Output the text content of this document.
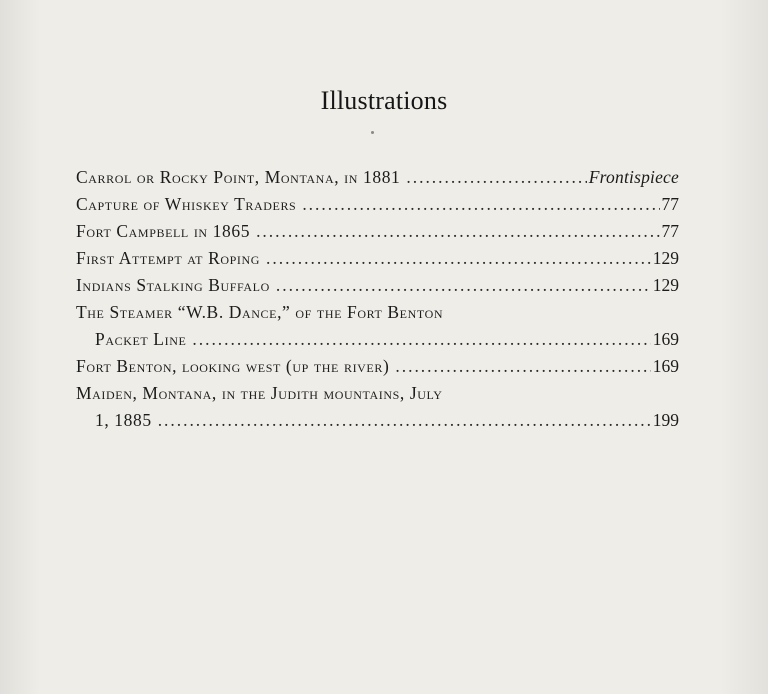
Illustrations
Carrol or Rocky Point, Montana, in 1881 . . .	Frontispiece
Capture of Whiskey Traders . . .	77
Fort Campbell in 1865 . . .	77
First Attempt at Roping . . .	129
Indians Stalking Buffalo . . .	129
The Steamer “W.B. Dance,” of the Fort Benton
Packet Line . . .	169
Fort Benton, looking west (up the river) . . .	169
Maiden, Montana, in the Judith mountains, July
1, 1885 . . .	199
